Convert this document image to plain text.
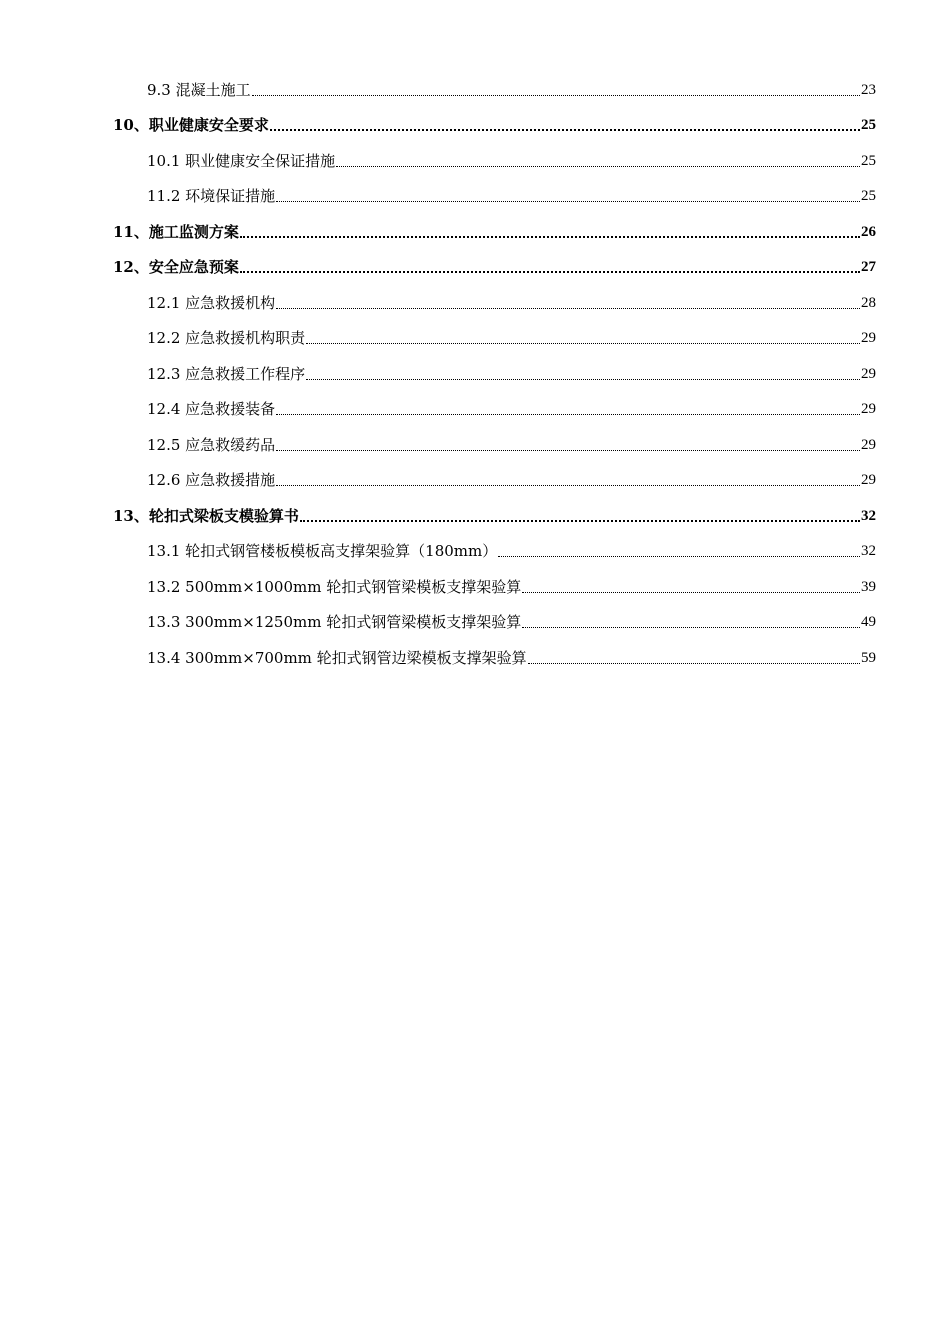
9.3 混凝土施工	23
10、职业健康安全要求	25
10.1 职业健康安全保证措施	25
11.2 环境保证措施	25
11、施工监测方案	26
12、安全应急预案	27
12.1 应急救援机构	28
12.2 应急救援机构职责	29
12.3 应急救援工作程序	29
12.4 应急救援装备	29
12.5 应急救缓药品	29
12.6 应急救援措施	29
13、轮扣式梁板支模验算书	32
13.1 轮扣式钢管楼板模板高支撑架验算（180mm）	32
13.2 500mm×1000mm 轮扣式钢管梁模板支撑架验算	39
13.3 300mm×1250mm 轮扣式钢管梁模板支撑架验算	49
13.4 300mm×700mm 轮扣式钢管边梁模板支撑架验算	59
